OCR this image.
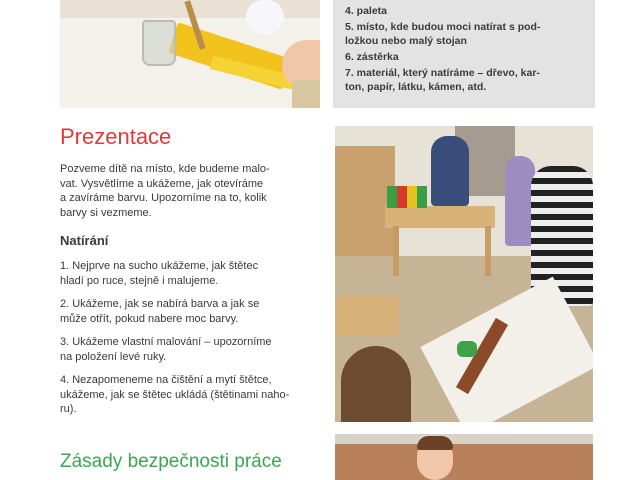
4. paleta
5. místo, kde budou moci natírat s pod-
ložkou nebo malý stojan
6. zástěrka
7. materiál, který natíráme – dřevo, kar-
ton, papír, látku, kámen, atd.
Prezentace
Pozveme dítě na místo, kde budeme malo-
vat. Vysvětlíme a ukážeme, jak otevíráme
a zavíráme barvu. Upozorníme na to, kolik
barvy si vezmeme.
Natírání
1. Nejprve na sucho ukážeme, jak štětec
hladí po ruce, stejně i malujeme.
2. Ukážeme, jak se nabírá barva a jak se
může otřít, pokud nabere moc barvy.
3. Ukážeme vlastní malování – upozorníme
na položení levé ruky.
4. Nezapomeneme na čištění a mytí štětce,
ukážeme, jak se štětec ukládá (štětinami naho-
ru).
Zásady bezpečnosti práce
